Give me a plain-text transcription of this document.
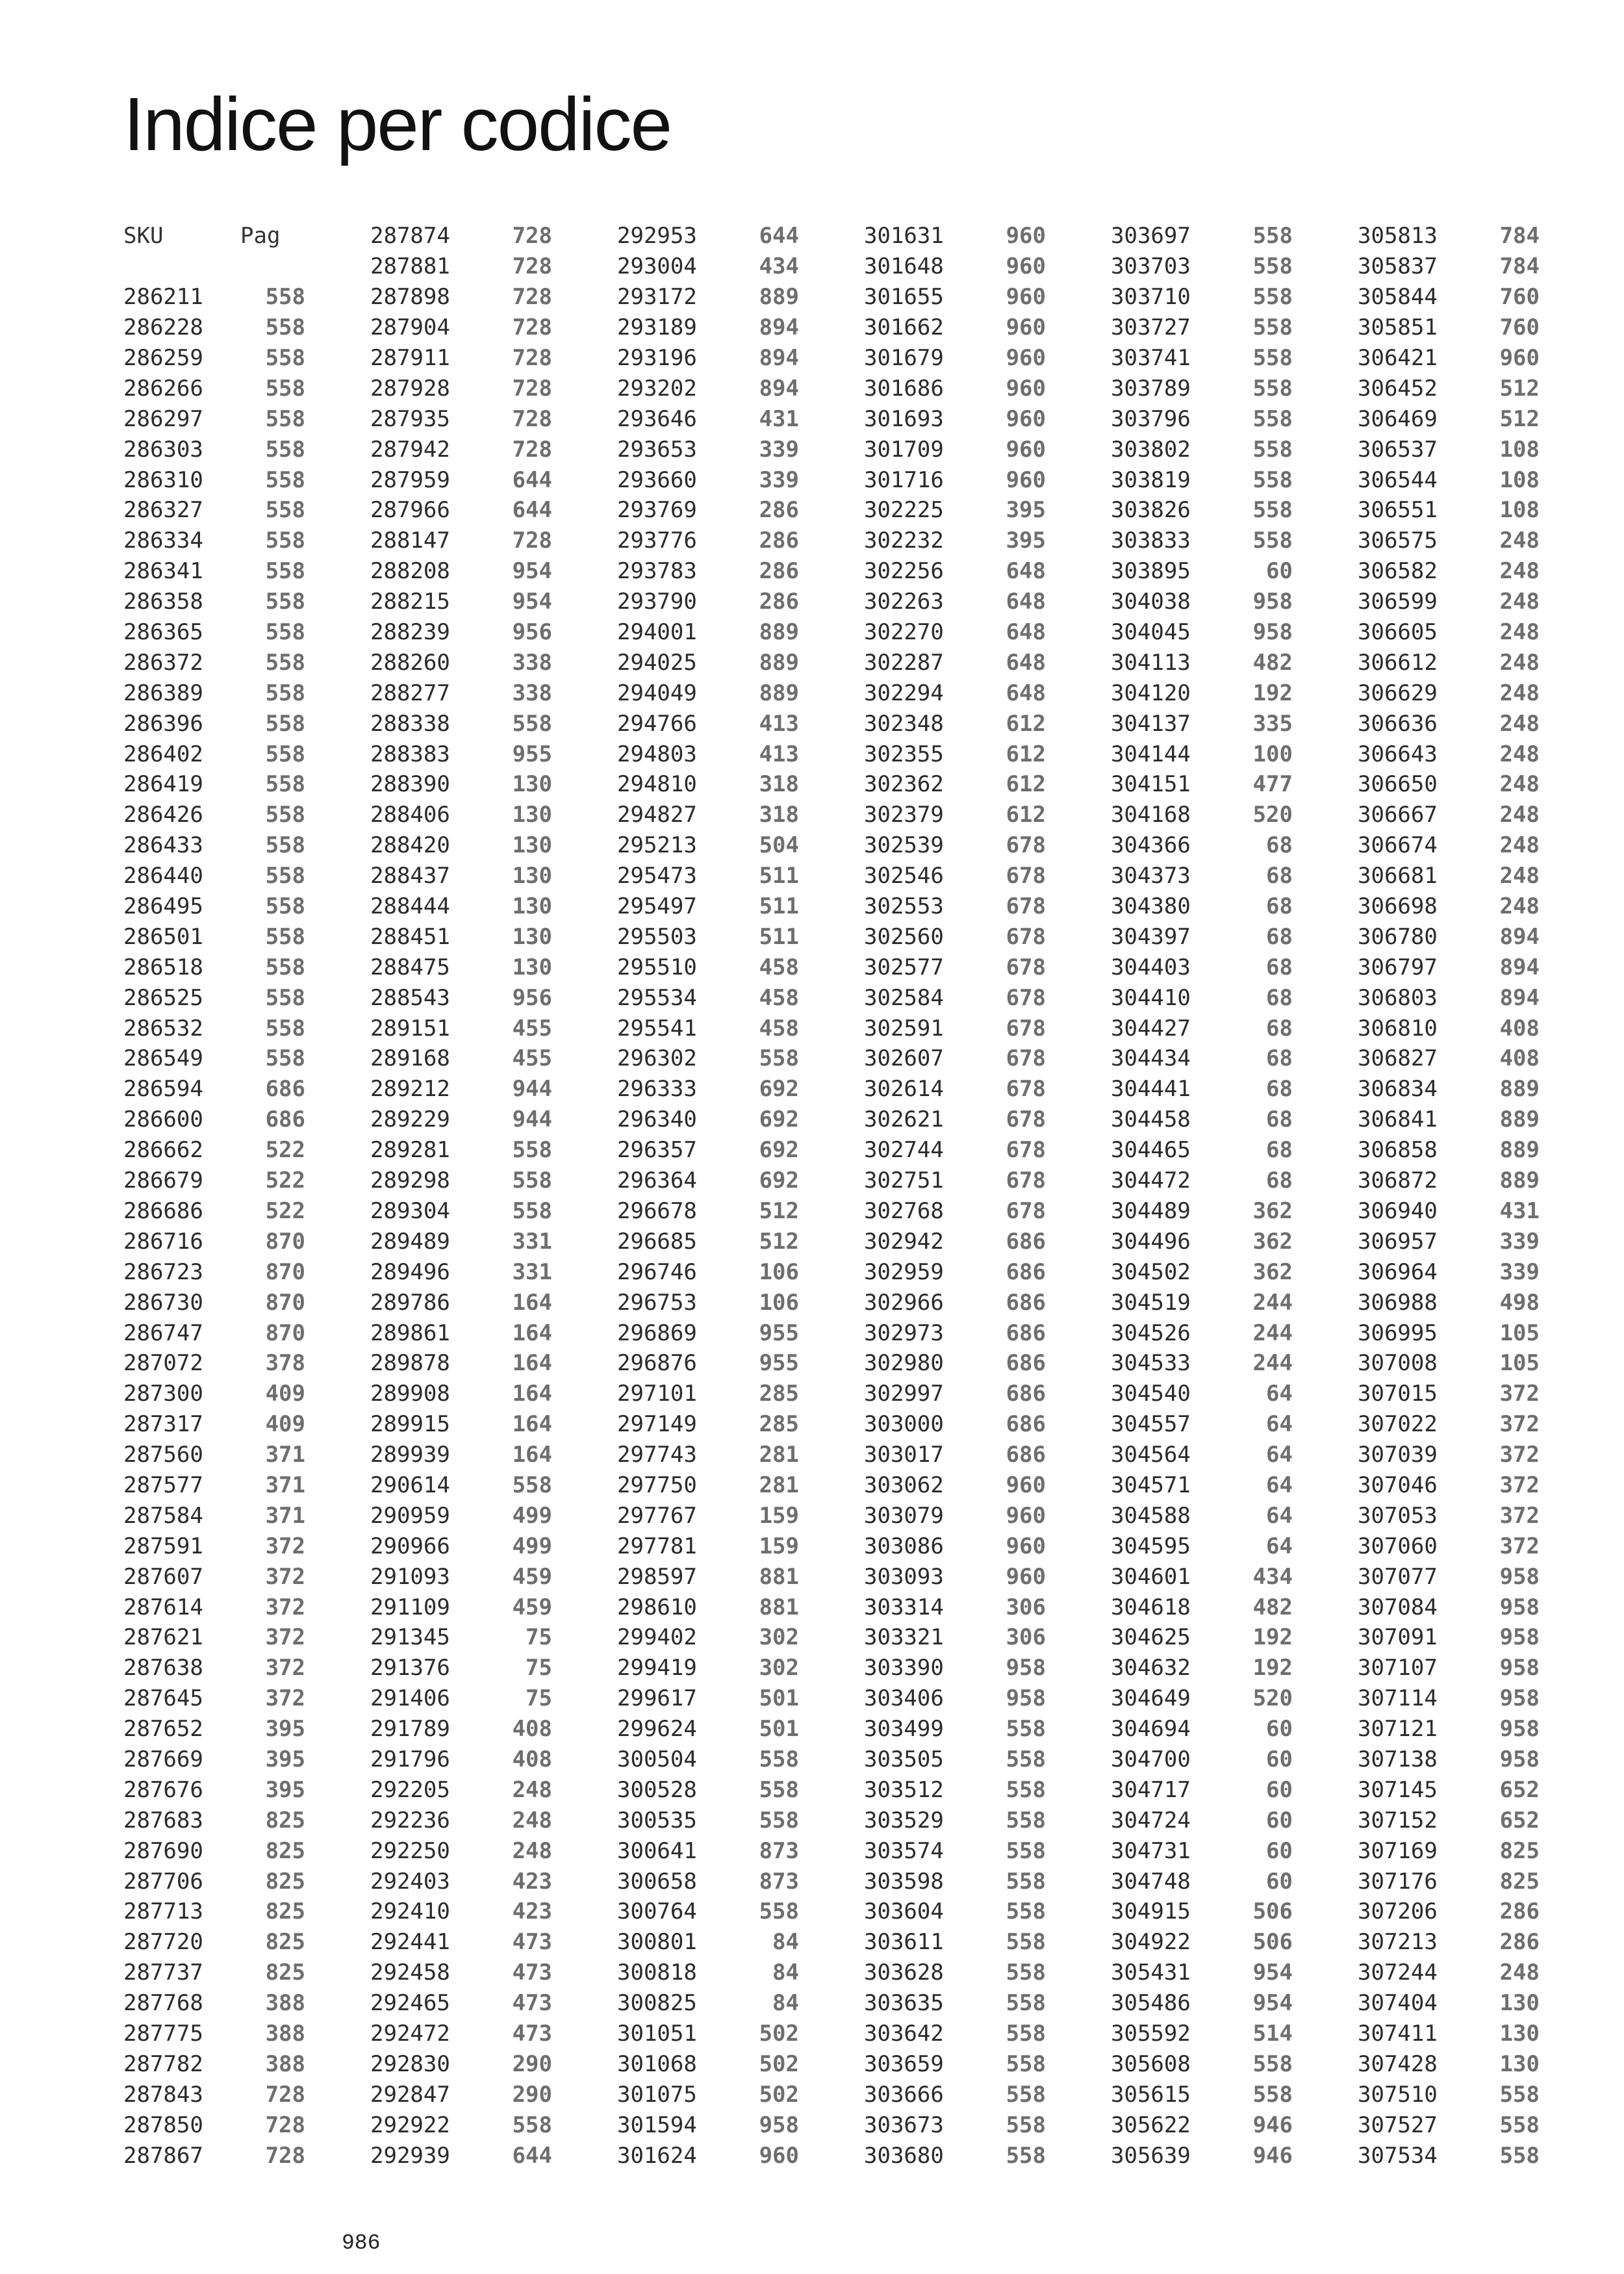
Indice per codice
SKU	Pag
286211	558
286228	558
286259	558
286266	558
286297	558
286303	558
286310	558
286327	558
286334	558
286341	558
286358	558
286365	558
286372	558
286389	558
286396	558
286402	558
286419	558
286426	558
286433	558
286440	558
286495	558
286501	558
286518	558
286525	558
286532	558
286549	558
286594	686
286600	686
286662	522
286679	522
286686	522
286716	870
286723	870
286730	870
286747	870
287072	378
287300	409
287317	409
287560	371
287577	371
287584	371
287591	372
287607	372
287614	372
287621	372
287638	372
287645	372
287652	395
287669	395
287676	395
287683	825
287690	825
287706	825
287713	825
287720	825
287737	825
287768	388
287775	388
287782	388
287843	728
287850	728
287867	728
287874	728
287881	728
287898	728
287904	728
287911	728
287928	728
287935	728
287942	728
287959	644
287966	644
288147	728
288208	954
288215	954
288239	956
288260	338
288277	338
288338	558
288383	955
288390	130
288406	130
288420	130
288437	130
288444	130
288451	130
288475	130
288543	956
289151	455
289168	455
289212	944
289229	944
289281	558
289298	558
289304	558
289489	331
289496	331
289786	164
289861	164
289878	164
289908	164
289915	164
289939	164
290614	558
290959	499
290966	499
291093	459
291109	459
291345	75
291376	75
291406	75
291789	408
291796	408
292205	248
292236	248
292250	248
292403	423
292410	423
292441	473
292458	473
292465	473
292472	473
292830	290
292847	290
292922	558
292939	644
292953	644
293004	434
293172	889
293189	894
293196	894
293202	894
293646	431
293653	339
293660	339
293769	286
293776	286
293783	286
293790	286
294001	889
294025	889
294049	889
294766	413
294803	413
294810	318
294827	318
295213	504
295473	511
295497	511
295503	511
295510	458
295534	458
295541	458
296302	558
296333	692
296340	692
296357	692
296364	692
296678	512
296685	512
296746	106
296753	106
296869	955
296876	955
297101	285
297149	285
297743	281
297750	281
297767	159
297781	159
298597	881
298610	881
299402	302
299419	302
299617	501
299624	501
300504	558
300528	558
300535	558
300641	873
300658	873
300764	558
300801	84
300818	84
300825	84
301051	502
301068	502
301075	502
301594	958
301624	960
301631	960
301648	960
301655	960
301662	960
301679	960
301686	960
301693	960
301709	960
301716	960
302225	395
302232	395
302256	648
302263	648
302270	648
302287	648
302294	648
302348	612
302355	612
302362	612
302379	612
302539	678
302546	678
302553	678
302560	678
302577	678
302584	678
302591	678
302607	678
302614	678
302621	678
302744	678
302751	678
302768	678
302942	686
302959	686
302966	686
302973	686
302980	686
302997	686
303000	686
303017	686
303062	960
303079	960
303086	960
303093	960
303314	306
303321	306
303390	958
303406	958
303499	558
303505	558
303512	558
303529	558
303574	558
303598	558
303604	558
303611	558
303628	558
303635	558
303642	558
303659	558
303666	558
303673	558
303680	558
303697	558
303703	558
303710	558
303727	558
303741	558
303789	558
303796	558
303802	558
303819	558
303826	558
303833	558
303895	60
304038	958
304045	958
304113	482
304120	192
304137	335
304144	100
304151	477
304168	520
304366	68
304373	68
304380	68
304397	68
304403	68
304410	68
304427	68
304434	68
304441	68
304458	68
304465	68
304472	68
304489	362
304496	362
304502	362
304519	244
304526	244
304533	244
304540	64
304557	64
304564	64
304571	64
304588	64
304595	64
304601	434
304618	482
304625	192
304632	192
304649	520
304694	60
304700	60
304717	60
304724	60
304731	60
304748	60
304915	506
304922	506
305431	954
305486	954
305592	514
305608	558
305615	558
305622	946
305639	946
305813	784
305837	784
305844	760
305851	760
306421	960
306452	512
306469	512
306537	108
306544	108
306551	108
306575	248
306582	248
306599	248
306605	248
306612	248
306629	248
306636	248
306643	248
306650	248
306667	248
306674	248
306681	248
306698	248
306780	894
306797	894
306803	894
306810	408
306827	408
306834	889
306841	889
306858	889
306872	889
306940	431
306957	339
306964	339
306988	498
306995	105
307008	105
307015	372
307022	372
307039	372
307046	372
307053	372
307060	372
307077	958
307084	958
307091	958
307107	958
307114	958
307121	958
307138	958
307145	652
307152	652
307169	825
307176	825
307206	286
307213	286
307244	248
307404	130
307411	130
307428	130
307510	558
307527	558
307534	558
986
